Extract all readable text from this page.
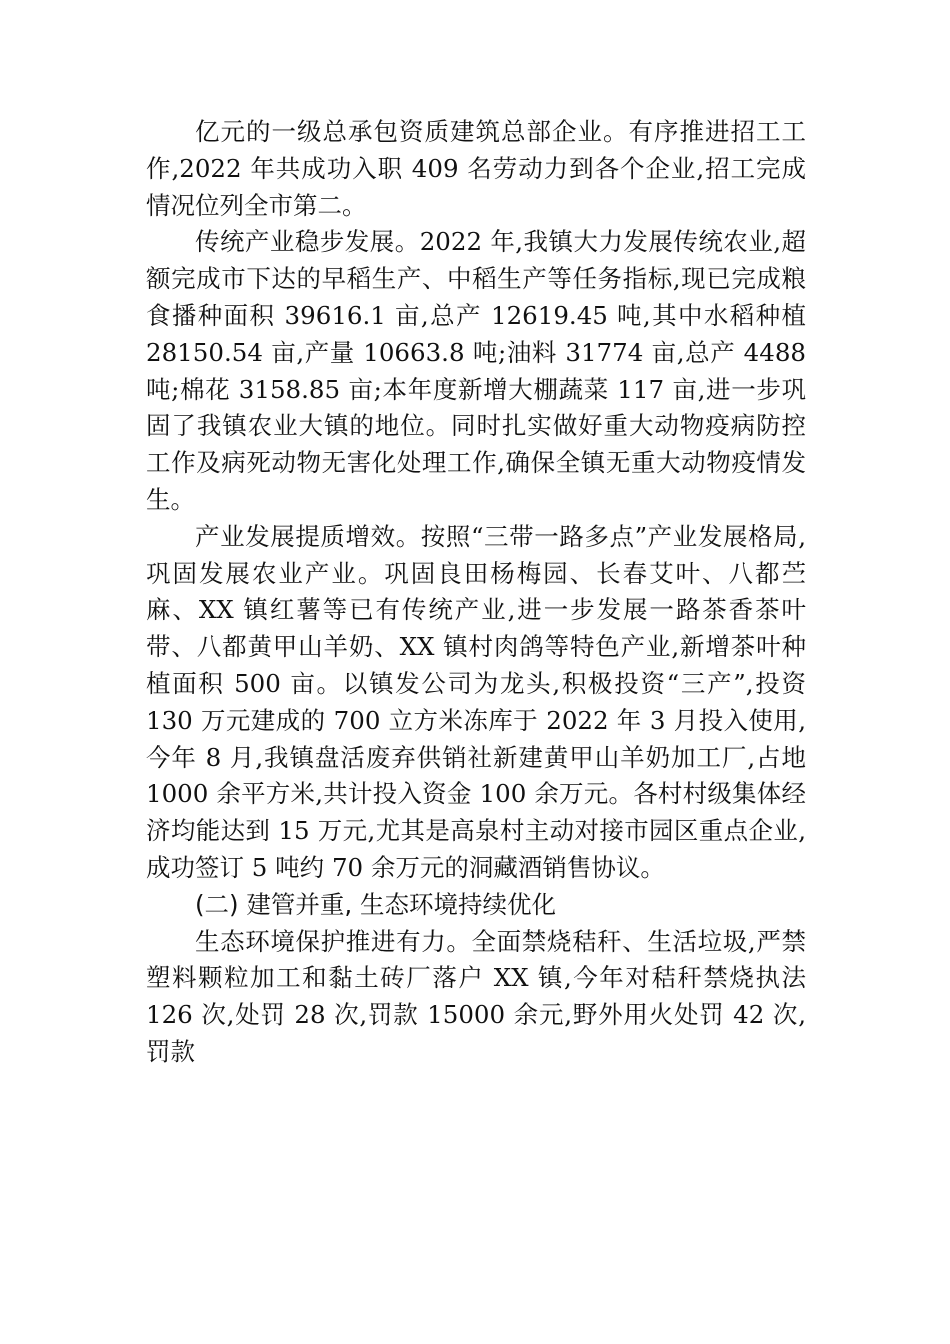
亿元的一级总承包资质建筑总部企业。有序推进招工工作,2022 年共成功入职 409 名劳动力到各个企业,招工完成情况位列全市第二。

传统产业稳步发展。2022 年,我镇大力发展传统农业,超额完成市下达的早稻生产、中稻生产等任务指标,现已完成粮食播种面积 39616.1 亩,总产 12619.45 吨,其中水稻种植 28150.54 亩,产量 10663.8 吨;油料 31774 亩,总产 4488 吨;棉花 3158.85 亩;本年度新增大棚蔬菜 117 亩,进一步巩固了我镇农业大镇的地位。同时扎实做好重大动物疫病防控工作及病死动物无害化处理工作,确保全镇无重大动物疫情发生。

产业发展提质增效。按照“三带一路多点”产业发展格局,巩固发展农业产业。巩固良田杨梅园、长春艾叶、八都苎麻、XX 镇红薯等已有传统产业,进一步发展一路茶香茶叶带、八都黄甲山羊奶、XX 镇村肉鸽等特色产业,新增茶叶种植面积 500 亩。以镇发公司为龙头,积极投资“三产”,投资 130 万元建成的 700 立方米冻库于 2022 年 3 月投入使用,今年 8 月,我镇盘活废弃供销社新建黄甲山羊奶加工厂,占地 1000 余平方米,共计投入资金 100 余万元。各村村级集体经济均能达到 15 万元,尤其是高泉村主动对接市园区重点企业,成功签订 5 吨约 70 余万元的洞藏酒销售协议。

(二) 建管并重, 生态环境持续优化

生态环境保护推进有力。全面禁烧秸秆、生活垃圾,严禁塑料颗粒加工和黏土砖厂落户 XX 镇,今年对秸秆禁烧执法 126 次,处罚 28 次,罚款 15000 余元,野外用火处罚 42 次,罚款
